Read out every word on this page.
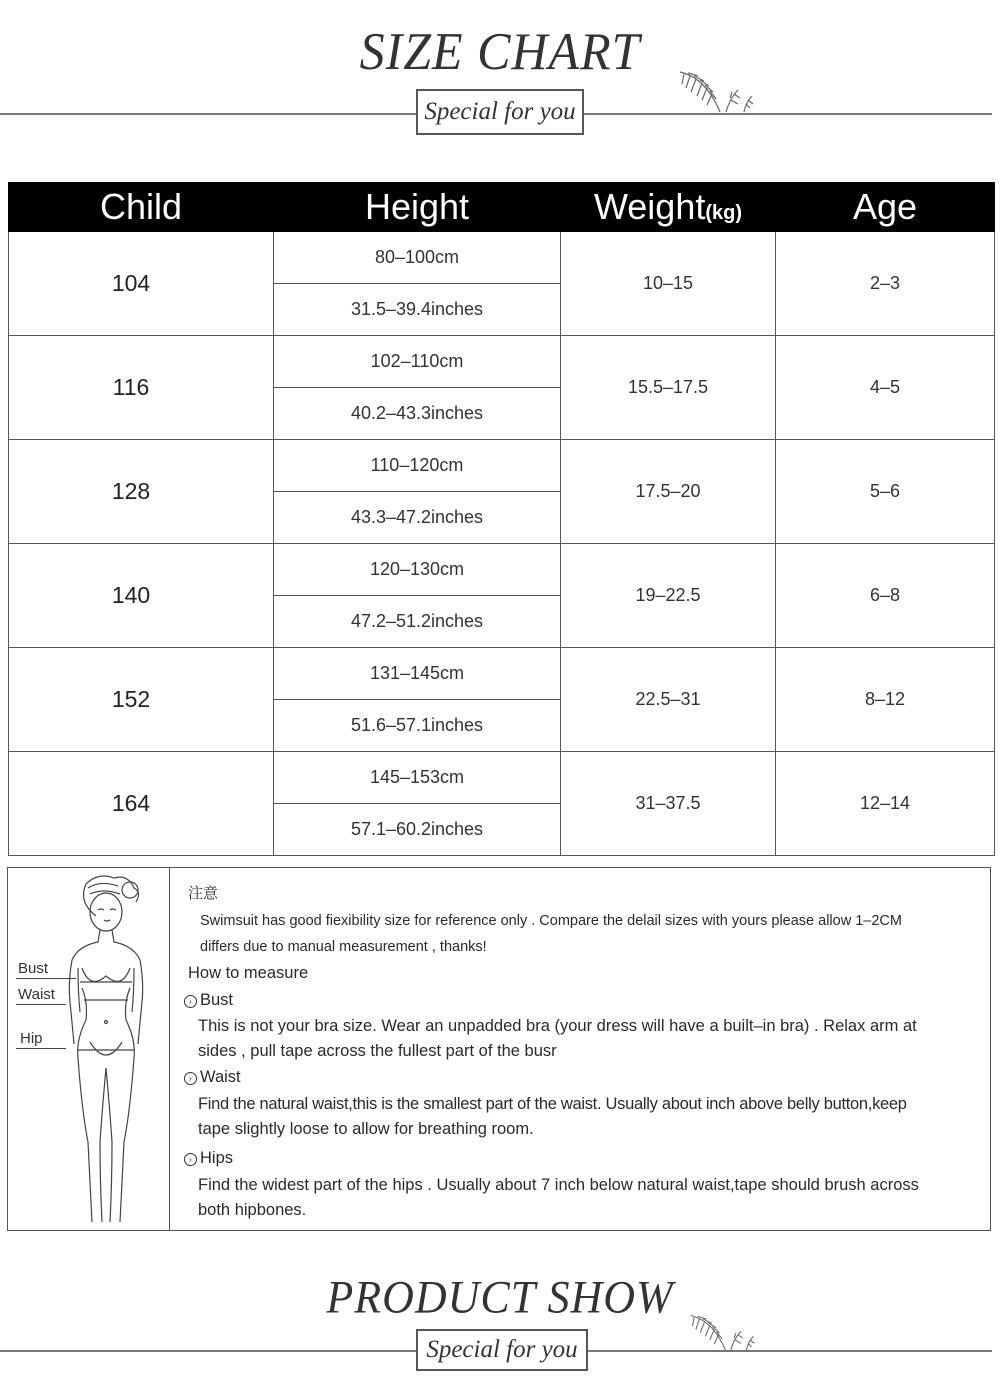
SIZE CHART
Special for you
Child	Height	Weight(kg)	Age
104	80–100cm	10–15	2–3
	31.5–39.4inches		
116	102–110cm	15.5–17.5	4–5
	40.2–43.3inches		
128	110–120cm	17.5–20	5–6
	43.3–47.2inches		
140	120–130cm	19–22.5	6–8
	47.2–51.2inches		
152	131–145cm	22.5–31	8–12
	51.6–57.1inches		
164	145–153cm	31–37.5	12–14
	57.1–60.2inches		
Bust
Waist
Hip
注意
Swimsuit has good fiexibility size for reference only . Compare the delail sizes with yours please allow 1–2CM
differs due to manual measurement , thanks!
How to measure
› Bust
This is not your bra size. Wear an unpadded bra (your dress will have a built–in bra) . Relax arm at
sides , pull tape across the fullest part of the busr
› Waist
Find the natural waist,this is the smallest part of the waist. Usually about inch above belly button,keep
tape slightly loose to allow for breathing room.
› Hips
Find the widest part of the hips . Usually about 7 inch below natural waist,tape should brush across
both hipbones.
PRODUCT SHOW
Special for you
